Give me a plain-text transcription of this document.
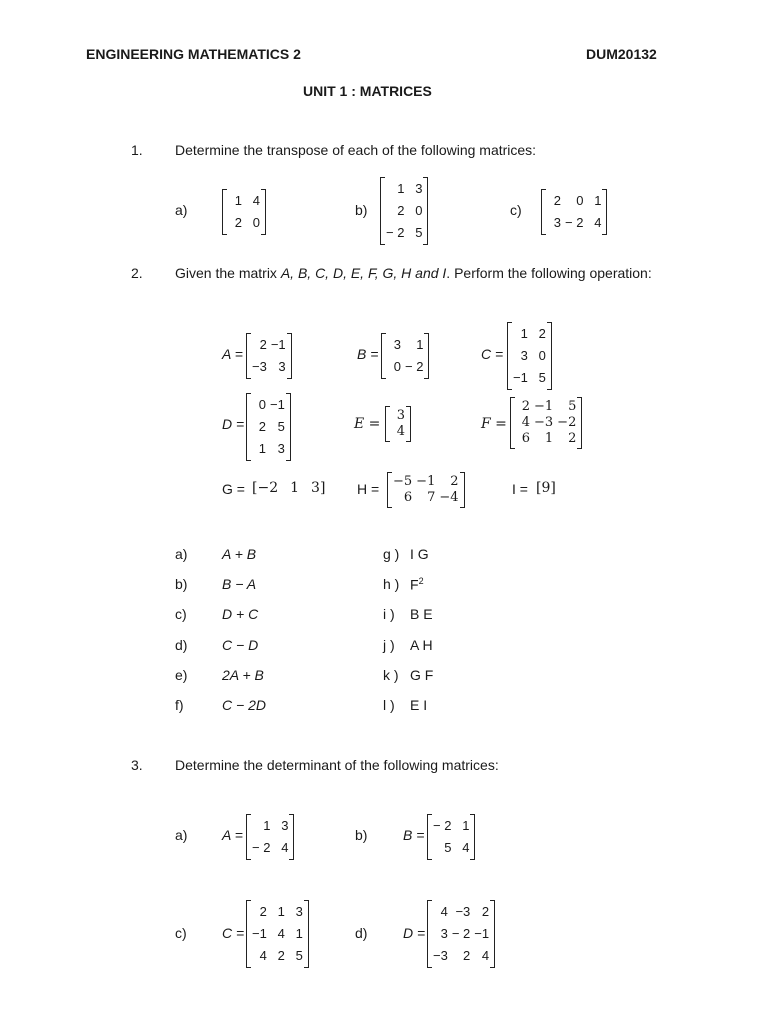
ENGINEERING MATHEMATICS 2	DUM20132
UNIT 1 : MATRICES
1. Determine the transpose of each of the following matrices:
a)
1 4
2 0
b)
1 3
2 0
− 2 5
c)
2	0 1
3 − 2 4
2. Given the matrix A, B, C, D, E, F, G, H and I. Perform the following operation:
A =
2 −1
−3 3
B =
3	1
0 − 2
C =
1 2
3 0
−1 5
D =
0 −1
2 5
1 3
E =
3
4	F =
2 −1	5
4 −3 −2
6	1	2
G = [−2 1 3] H = −5 −1	2
6	7 −4
I = [9]
a) A + B
b) B − A
c)	D + C
d) C − D
e) 2A + B
f)	C − 2D
g ) I G
h ) $F^2$
i ) B E
j ) A H
k ) G F
l ) E I
3. Determine the determinant of the following matrices:
a) A =
1 3
− 2 4
b)	B =
− 2 1
5 4
c)	C =
2 1 3
−1 4 1
4 2 5
d)	D =
4 −3 2
3 − 2 −1
−3	2 4
